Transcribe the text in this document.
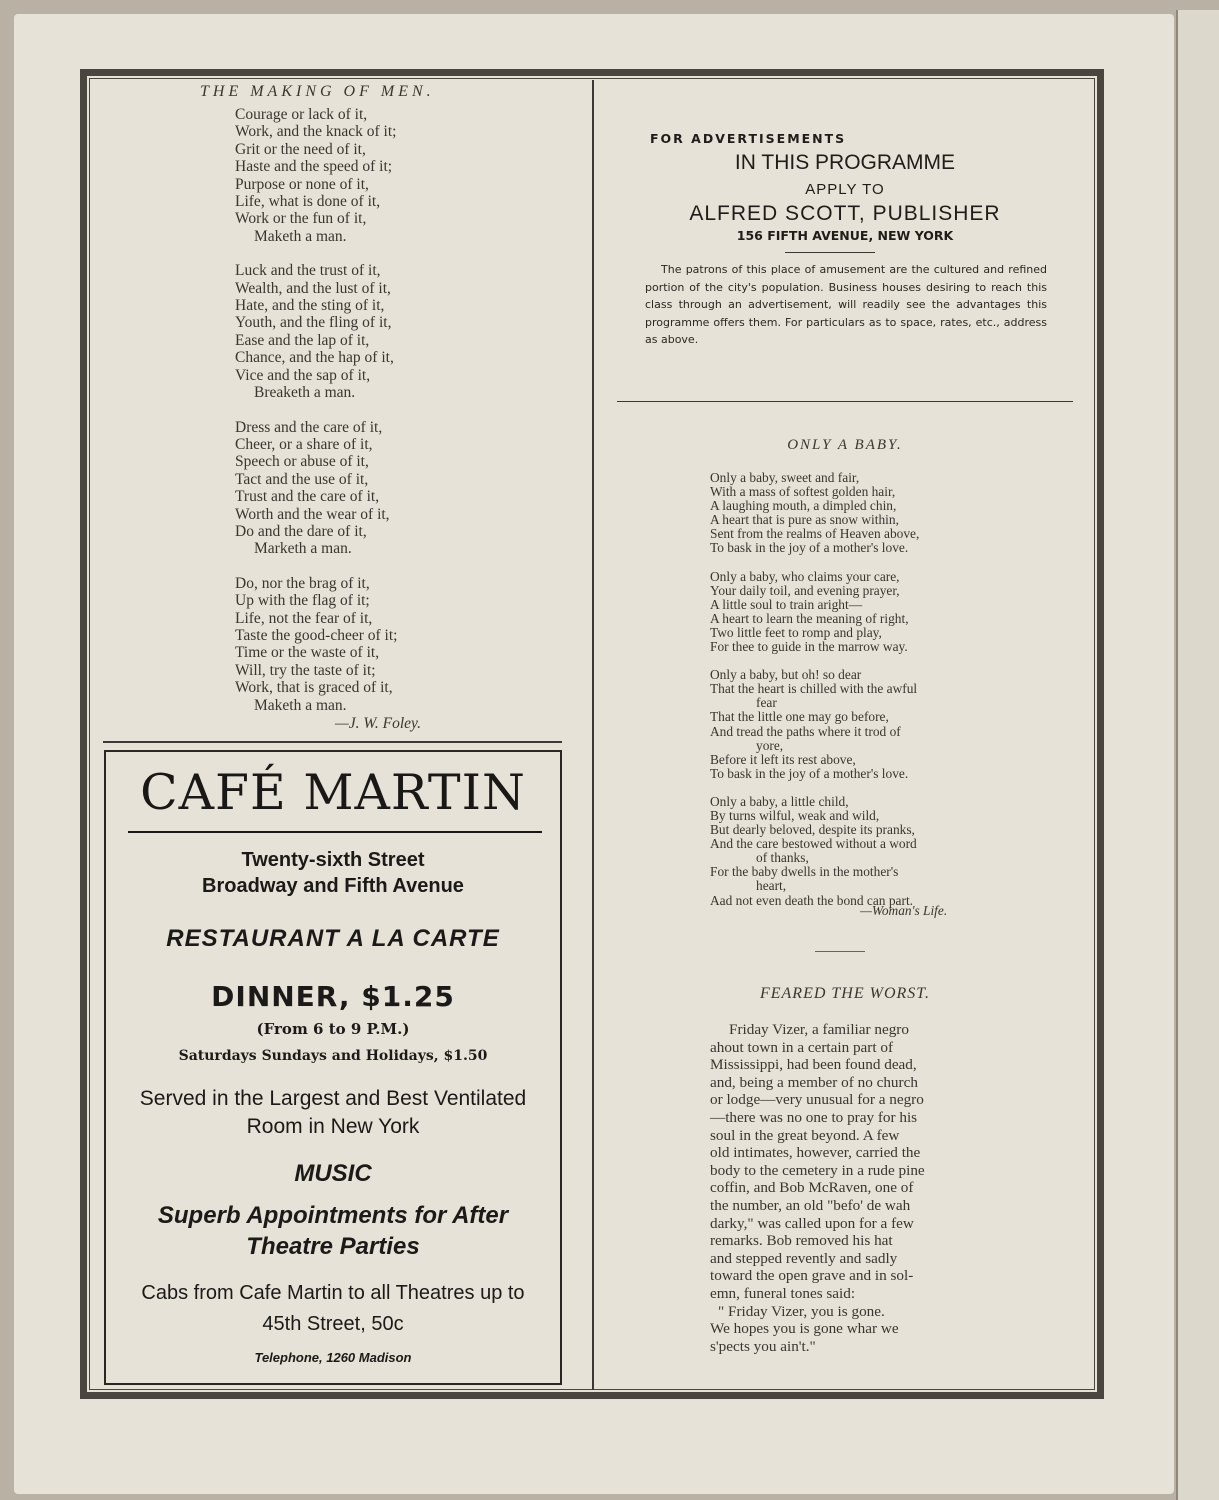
THE MAKING OF MEN.
Courage or lack of it,
Work, and the knack of it;
Grit or the need of it,
Haste and the speed of it;
Purpose or none of it,
Life, what is done of it,
Work or the fun of it,
Maketh a man.
Luck and the trust of it,
Wealth, and the lust of it,
Hate, and the sting of it,
Youth, and the fling of it,
Ease and the lap of it,
Chance, and the hap of it,
Vice and the sap of it,
Breaketh a man.
Dress and the care of it,
Cheer, or a share of it,
Speech or abuse of it,
Tact and the use of it,
Trust and the care of it,
Worth and the wear of it,
Do and the dare of it,
Marketh a man.
Do, nor the brag of it,
Up with the flag of it;
Life, not the fear of it,
Taste the good-cheer of it;
Time or the waste of it,
Will, try the taste of it;
Work, that is graced of it,
Maketh a man.
—J. W. Foley.
CAFÉ MARTIN
Twenty-sixth Street
Broadway and Fifth Avenue
RESTAURANT A LA CARTE
DINNER, $1.25
(From 6 to 9 P.M.)
Saturdays Sundays and Holidays, $1.50
Served in the Largest and Best Ventilated
Room in New York
MUSIC
Superb Appointments for After
Theatre Parties
Cabs from Cafe Martin to all Theatres up to
45th Street, 50c
Telephone, 1260 Madison
FOR ADVERTISEMENTS
IN THIS PROGRAMME
APPLY TO
ALFRED SCOTT, PUBLISHER
156 FIFTH AVENUE, NEW YORK
The patrons of this place of amusement are the cultured and refined portion of the city's population. Business houses desiring to reach this class through an advertisement, will readily see the advantages this programme offers them. For particulars as to space, rates, etc., address as above.
ONLY A BABY.
Only a baby, sweet and fair,
With a mass of softest golden hair,
A laughing mouth, a dimpled chin,
A heart that is pure as snow within,
Sent from the realms of Heaven above,
To bask in the joy of a mother's love.
Only a baby, who claims your care,
Your daily toil, and evening prayer,
A little soul to train aright—
A heart to learn the meaning of right,
Two little feet to romp and play,
For thee to guide in the marrow way.
Only a baby, but oh! so dear
That the heart is chilled with the awful
fear
That the little one may go before,
And tread the paths where it trod of
yore,
Before it left its rest above,
To bask in the joy of a mother's love.
Only a baby, a little child,
By turns wilful, weak and wild,
But dearly beloved, despite its pranks,
And the care bestowed without a word
of thanks,
For the baby dwells in the mother's
heart,
Aad not even death the bond can part.
—Woman's Life.
FEARED THE WORST.
Friday Vizer, a familiar negro
ahout town in a certain part of
Mississippi, had been found dead,
and, being a member of no church
or lodge—very unusual for a negro
—there was no one to pray for his
soul in the great beyond. A few
old intimates, however, carried the
body to the cemetery in a rude pine
coffin, and Bob McRaven, one of
the number, an old "befo' de wah
darky," was called upon for a few
remarks. Bob removed his hat
and stepped revently and sadly
toward the open grave and in sol-
emn, funeral tones said:
" Friday Vizer, you is gone.
We hopes you is gone whar we
s'pects you ain't."
